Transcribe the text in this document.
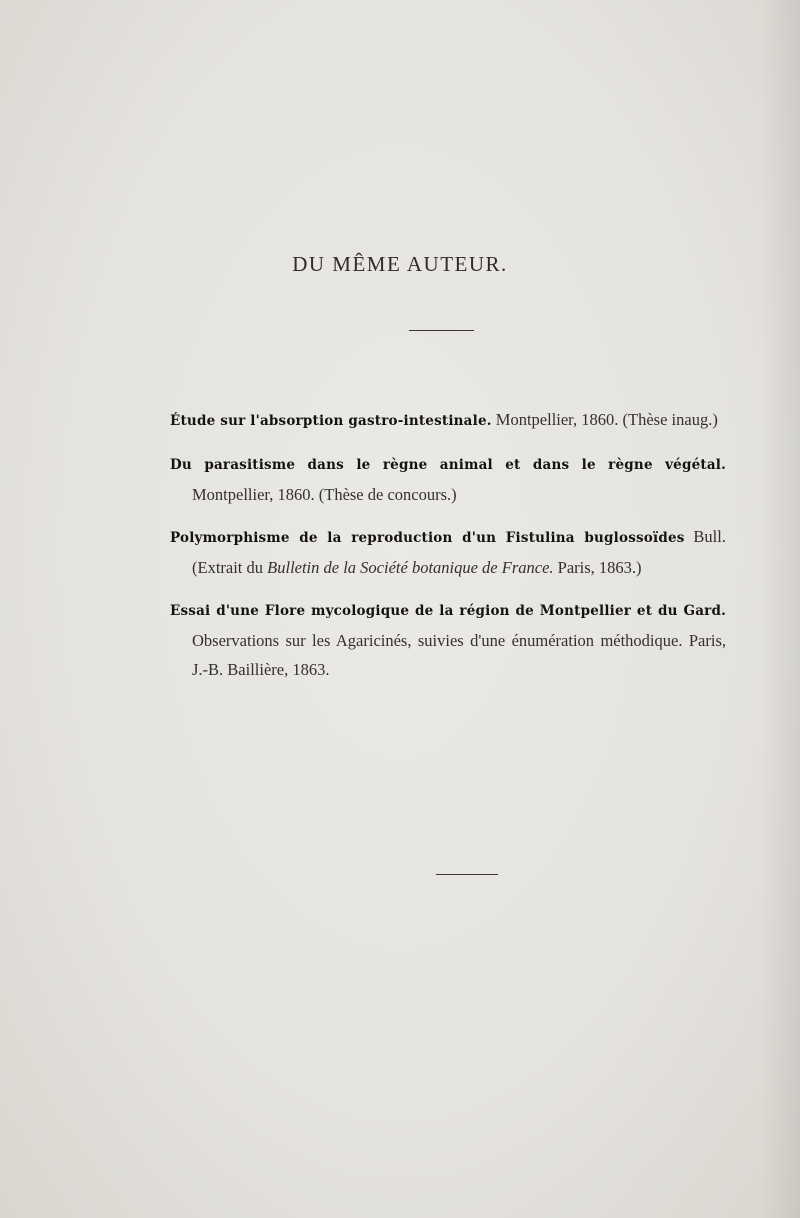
DU MÊME AUTEUR.

Étude sur l'absorption gastro-intestinale. Montpellier, 1860. (Thèse inaug.)

Du parasitisme dans le règne animal et dans le règne végétal. Montpellier, 1860. (Thèse de concours.)

Polymorphisme de la reproduction d'un Fistulina buglossoïdes Bull. (Extrait du Bulletin de la Société botanique de France. Paris, 1863.)

Essai d'une Flore mycologique de la région de Montpellier et du Gard. Observations sur les Agaricinés, suivies d'une énumération méthodique. Paris, J.-B. Baillière, 1863.
